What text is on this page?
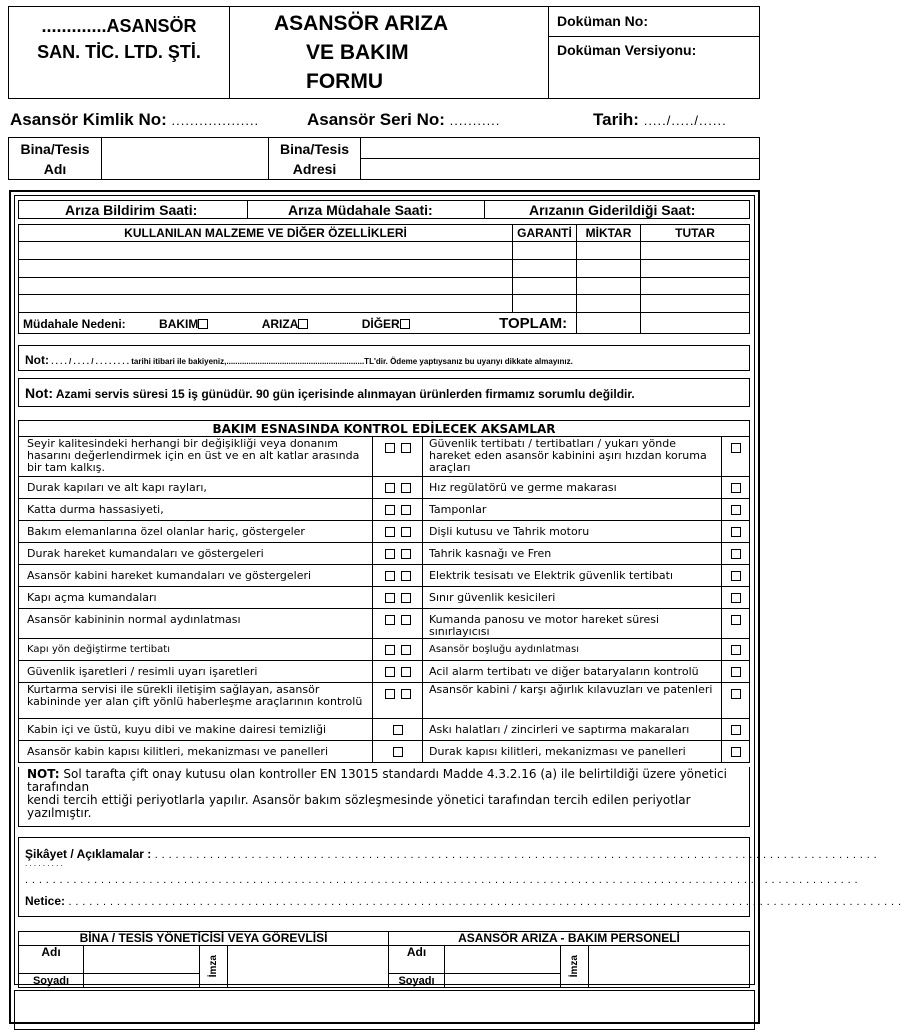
.............ASANSÖR
SAN. TİC. LTD. ŞTİ.
ASANSÖR ARIZA
VE BAKIM
FORMU
Doküman No:
Doküman Versiyonu:
Asansör Kimlik No: ...................	Asansör Seri No: ...........	Tarih: ...../...../......
Bina/Tesis
Adı

Bina/Tesis
Adresi

Arıza Bildirim Saati:	Arıza Müdahale Saati:	Arızanın Giderildiği Saat:
KULLANILAN MALZEME VE DİĞER ÖZELLİKLERİ	GARANTİ	MİKTAR	TUTAR

Müdahale Nedeni: BAKIM ARIZA DİĞER TOPLAM:			
Not: . . . . / . . . . / . . . . . . . . tarihi itibari ile bakiyeniz,..............................................................TL'dir. Ödeme yaptıysanız bu uyarıyı dikkate almayınız.
Not: Azami servis süresi 15 iş günüdür. 90 gün içerisinde alınmayan ürünlerden firmamız sorumlu değildir.
BAKIM ESNASINDA KONTROL EDİLECEK AKSAMLAR			
Seyir kalitesindeki herhangi bir değişikliği veya donanım hasarını değerlendirmek için en üst ve en alt katlar arasında bir tam kalkış.		Güvenlik tertibatı / tertibatları / yukarı yönde hareket eden asansör kabinini aşırı hızdan koruma araçları	
Durak kapıları ve alt kapı rayları,		Hız regülatörü ve germe makarası	
Katta durma hassasiyeti,		Tamponlar	
Bakım elemanlarına özel olanlar hariç, göstergeler		Dişli kutusu ve Tahrik motoru	
Durak hareket kumandaları ve göstergeleri		Tahrik kasnağı ve Fren	
Asansör kabini hareket kumandaları ve göstergeleri		Elektrik tesisatı ve Elektrik güvenlik tertibatı	
Kapı açma kumandaları		Sınır güvenlik kesicileri	
Asansör kabininin normal aydınlatması		Kumanda panosu ve motor hareket süresi sınırlayıcısı	
Kapı yön değiştirme tertibatı		Asansör boşluğu aydınlatması	
Güvenlik işaretleri / resimli uyarı işaretleri		Acil alarm tertibatı ve diğer bataryaların kontrolü	
Kurtarma servisi ile sürekli iletişim sağlayan, asansör kabininde yer alan çift yönlü haberleşme araçlarının kontrolü		Asansör kabini / karşı ağırlık kılavuzları ve patenleri	
Kabin içi ve üstü, kuyu dibi ve makine dairesi temizliği		Askı halatları / zincirleri ve saptırma makaraları	
Asansör kabin kapısı kilitleri, mekanizması ve panelleri		Durak kapısı kilitleri, mekanizması ve panelleri	
NOT: Sol tarafta çift onay kutusu olan kontroller EN 13015 standardı Madde 4.3.2.16 (a) ile belirtildiği üzere yönetici tarafından
kendi tercih ettiği periyotlarla yapılır. Asansör bakım sözleşmesinde yönetici tarafından tercih edilen periyotlar yazılmıştır.
Şikâyet / Açıklamalar : . . . . . . . . . . . . . . . . . . . . . . . . . . . . . . . . . . . . . . . . . . . . . . . . . . . . . . . . . . . . . . . . . . . . . . . . . . . . . . . . . . . . . . . . . . . . . . . . . . . . . . . . .
. . . . . . . . .
. . . . . . . . . . . . . . . . . . . . . . . . . . . . . . . . . . . . . . . . . . . . . . . . . . . . . . . . . . . . . . . . . . . . . . . . . . . . . . . . . . . . . . . . . . . . . . . . . . . . . . . . . . . . . . . . . . . . . . . . .
Netice: . . . . . . . . . . . . . . . . . . . . . . . . . . . . . . . . . . . . . . . . . . . . . . . . . . . . . . . . . . . . . . . . . . . . . . . . . . . . . . . . . . . . . . . . . . . . . . . . . . . . . . . . . . . . . . . . . . . . . . . . .
BİNA / TESİS YÖNETİCİSİ VEYA GÖREVLİSİ				ASANSÖR ARIZA - BAKIM PERSONELİ			
Adı		İmza		Adı		İmza	

Soyadı				Soyadı			
